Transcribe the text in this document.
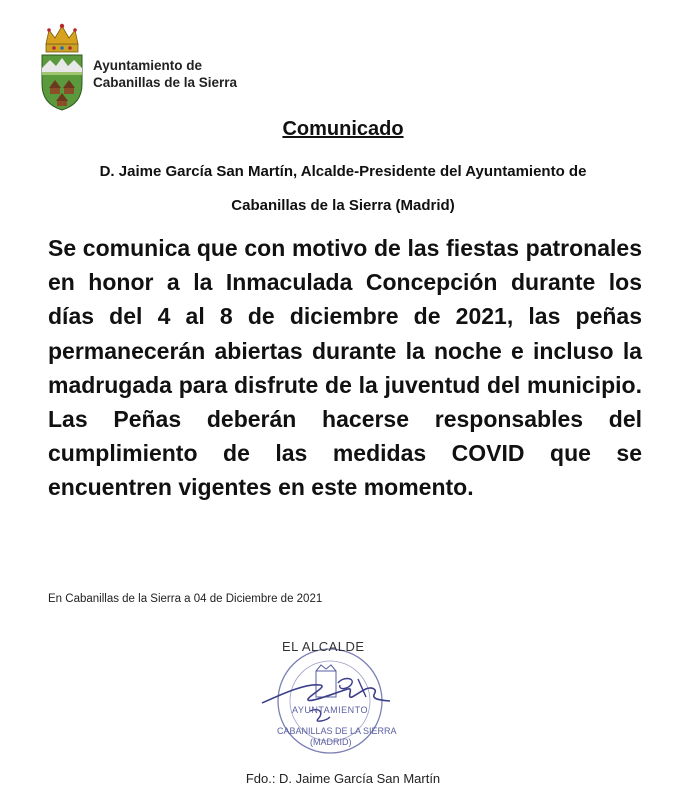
Ayuntamiento de
Cabanillas de la Sierra
Comunicado
D. Jaime García San Martín, Alcalde-Presidente del Ayuntamiento de
Cabanillas de la Sierra (Madrid)

Se comunica que con motivo de las fiestas patronales en honor a la Inmaculada Concepción durante los días del 4 al 8 de diciembre de 2021, las peñas permanecerán abiertas durante la noche e incluso la madrugada para disfrute de la juventud del municipio. Las Peñas deberán hacerse responsables del cumplimiento de las medidas COVID que se encuentren vigentes en este momento.

En Cabanillas de la Sierra a 04 de Diciembre de 2021
EL ALCALDE
AYUNTAMIENTO
CABANILLAS DE LA SIERRA
(MADRID)
Fdo.: D. Jaime García San Martín
